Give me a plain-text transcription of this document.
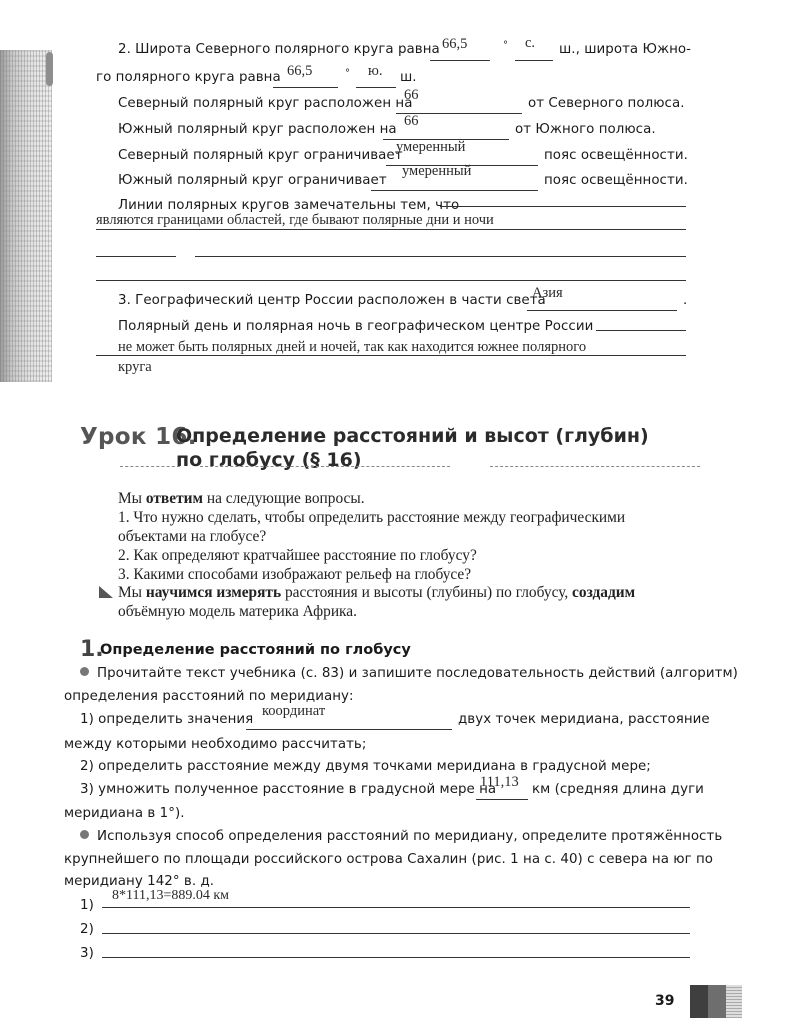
2. Широта Северного полярного круга равна 66,5	° с. ш., широта Южно-
го полярного круга равна 66,5	° ю. ш.
Северный полярный круг расположен на
66
от Северного полюса.
Южный полярный круг расположен на
66
от Южного полюса.
Северный полярный круг ограничивает
умеренный
пояс освещённости.
Южный полярный круг ограничивает
умеренный
пояс освещённости.
Линии полярных кругов замечательны тем, что
являются границами областей, где бывают полярные дни и ночи
3. Географический центр России расположен в части света
Азия	.
Полярный день и полярная ночь в географическом центре России
не может быть полярных дней и ночей, так как находится южнее полярного
круга
Урок 16.
Определение расстояний и высот (глубин)
по глобусу (§ 16)
Мы ответим на следующие вопросы.
1. Что нужно сделать, чтобы определить расстояние между географическими
объектами на глобусе?
2. Как определяют кратчайшее расстояние по глобусу?
3. Какими способами изображают рельеф на глобусе?
Мы научимся измерять расстояния и высоты (глубины) по глобусу, создадим
объёмную модель материка Африка.
1.
Определение расстояний по глобусу
Прочитайте текст учебника (с. 83) и запишите последовательность действий (алгоритм)
определения расстояний по меридиану:
1) определить значения
координат
двух точек меридиана, расстояние
между которыми необходимо рассчитать;
2) определить расстояние между двумя точками меридиана в градусной мере;
3) умножить полученное расстояние в градусной мере на
111,13 км (средняя длина дуги
меридиана в 1°).
Используя способ определения расстояний по меридиану, определите протяжённость
крупнейшего по площади российского острова Сахалин (рис. 1 на с. 40) с севера на юг по
меридиану 142° в. д.
1)
8*111,13=889.04 км
2)
3)
39
